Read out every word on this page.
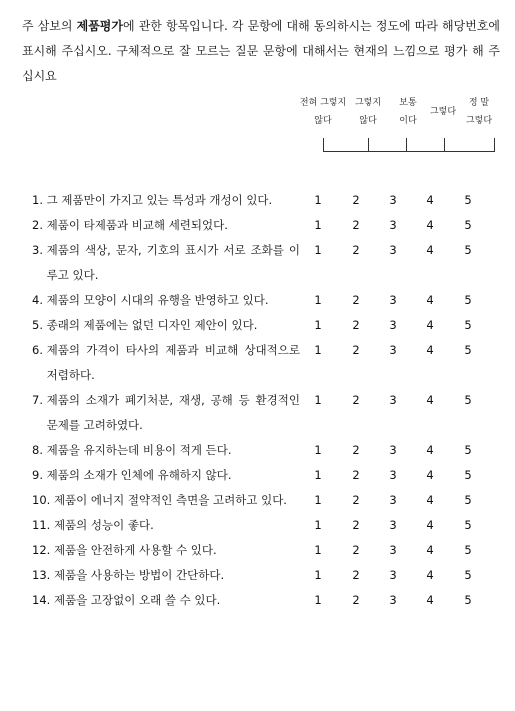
주 삼보의 제품평가에 관한 항목입니다. 각 문항에 대해 동의하시는 정도에 따라 해당번호에 표시해 주십시오. 구체적으로 잘 모르는 질문 문항에 대해서는 현재의 느낌으로 평가 해 주십시요
전혀 그렇지
않다
그렇지
않다
보통
이다
그렇다
정 말
그렇다
1. 그 제품만이 가지고 있는 특성과 개성이 있다.	1	2	3	4	5
2. 제품이 타제품과 비교해 세련되었다.	1	2	3	4	5
3. 제품의 색상, 문자, 기호의 표시가 서로 조화를 이루고 있다.
1	2	3	4	5
4. 제품의 모양이 시대의 유행을 반영하고 있다.	1	2	3	4	5
5. 종래의 제품에는 없던 디자인 제안이 있다.	1	2	3	4	5
6. 제품의 가격이 타사의 제품과 비교해 상대적으로 저렴하다.
1	2	3	4	5
7. 제품의 소재가 폐기처분, 재생, 공해 등 환경적인 문제를 고려하였다.
1	2	3	4	5
8. 제품을 유지하는데 비용이 적게 든다.	1	2	3	4	5
9. 제품의 소재가 인체에 유해하지 않다.	1	2	3	4	5
10. 제품이 에너지 절약적인 측면을 고려하고 있다.	1	2	3	4	5
11. 제품의 성능이 좋다.	1	2	3	4	5
12. 제품을 안전하게 사용할 수 있다.	1	2	3	4	5
13. 제품을 사용하는 방법이 간단하다.	1	2	3	4	5
14. 제품을 고장없이 오래 쓸 수 있다.	1	2	3	4	5
